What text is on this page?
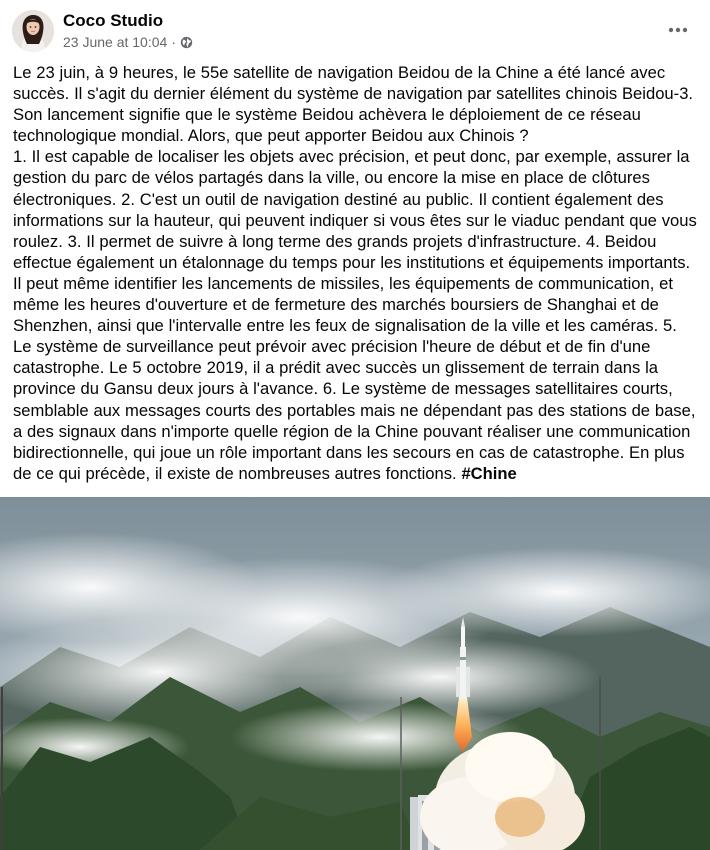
Coco Studio
23 June at 10:04 ·
Le 23 juin, à 9 heures, le 55e satellite de navigation Beidou de la Chine a été lancé avec succès. Il s'agit du dernier élément du système de navigation par satellites chinois Beidou-3. Son lancement signifie que le système Beidou achèvera le déploiement de ce réseau technologique mondial. Alors, que peut apporter Beidou aux Chinois ?
1. Il est capable de localiser les objets avec précision, et peut donc, par exemple, assurer la gestion du parc de vélos partagés dans la ville, ou encore la mise en place de clôtures électroniques. 2. C'est un outil de navigation destiné au public. Il contient également des informations sur la hauteur, qui peuvent indiquer si vous êtes sur le viaduc pendant que vous roulez. 3. Il permet de suivre à long terme des grands projets d'infrastructure. 4. Beidou effectue également un étalonnage du temps pour les institutions et équipements importants. Il peut même identifier les lancements de missiles, les équipements de communication, et même les heures d'ouverture et de fermeture des marchés boursiers de Shanghai et de Shenzhen, ainsi que l'intervalle entre les feux de signalisation de la ville et les caméras. 5. Le système de surveillance peut prévoir avec précision l'heure de début et de fin d'une catastrophe. Le 5 octobre 2019, il a prédit avec succès un glissement de terrain dans la province du Gansu deux jours à l'avance. 6. Le système de messages satellitaires courts, semblable aux messages courts des portables mais ne dépendant pas des stations de base, a des signaux dans n'importe quelle région de la Chine pouvant réaliser une communication bidirectionnelle, qui joue un rôle important dans les secours en cas de catastrophe. En plus de ce qui précède, il existe de nombreuses autres fonctions. #Chine
